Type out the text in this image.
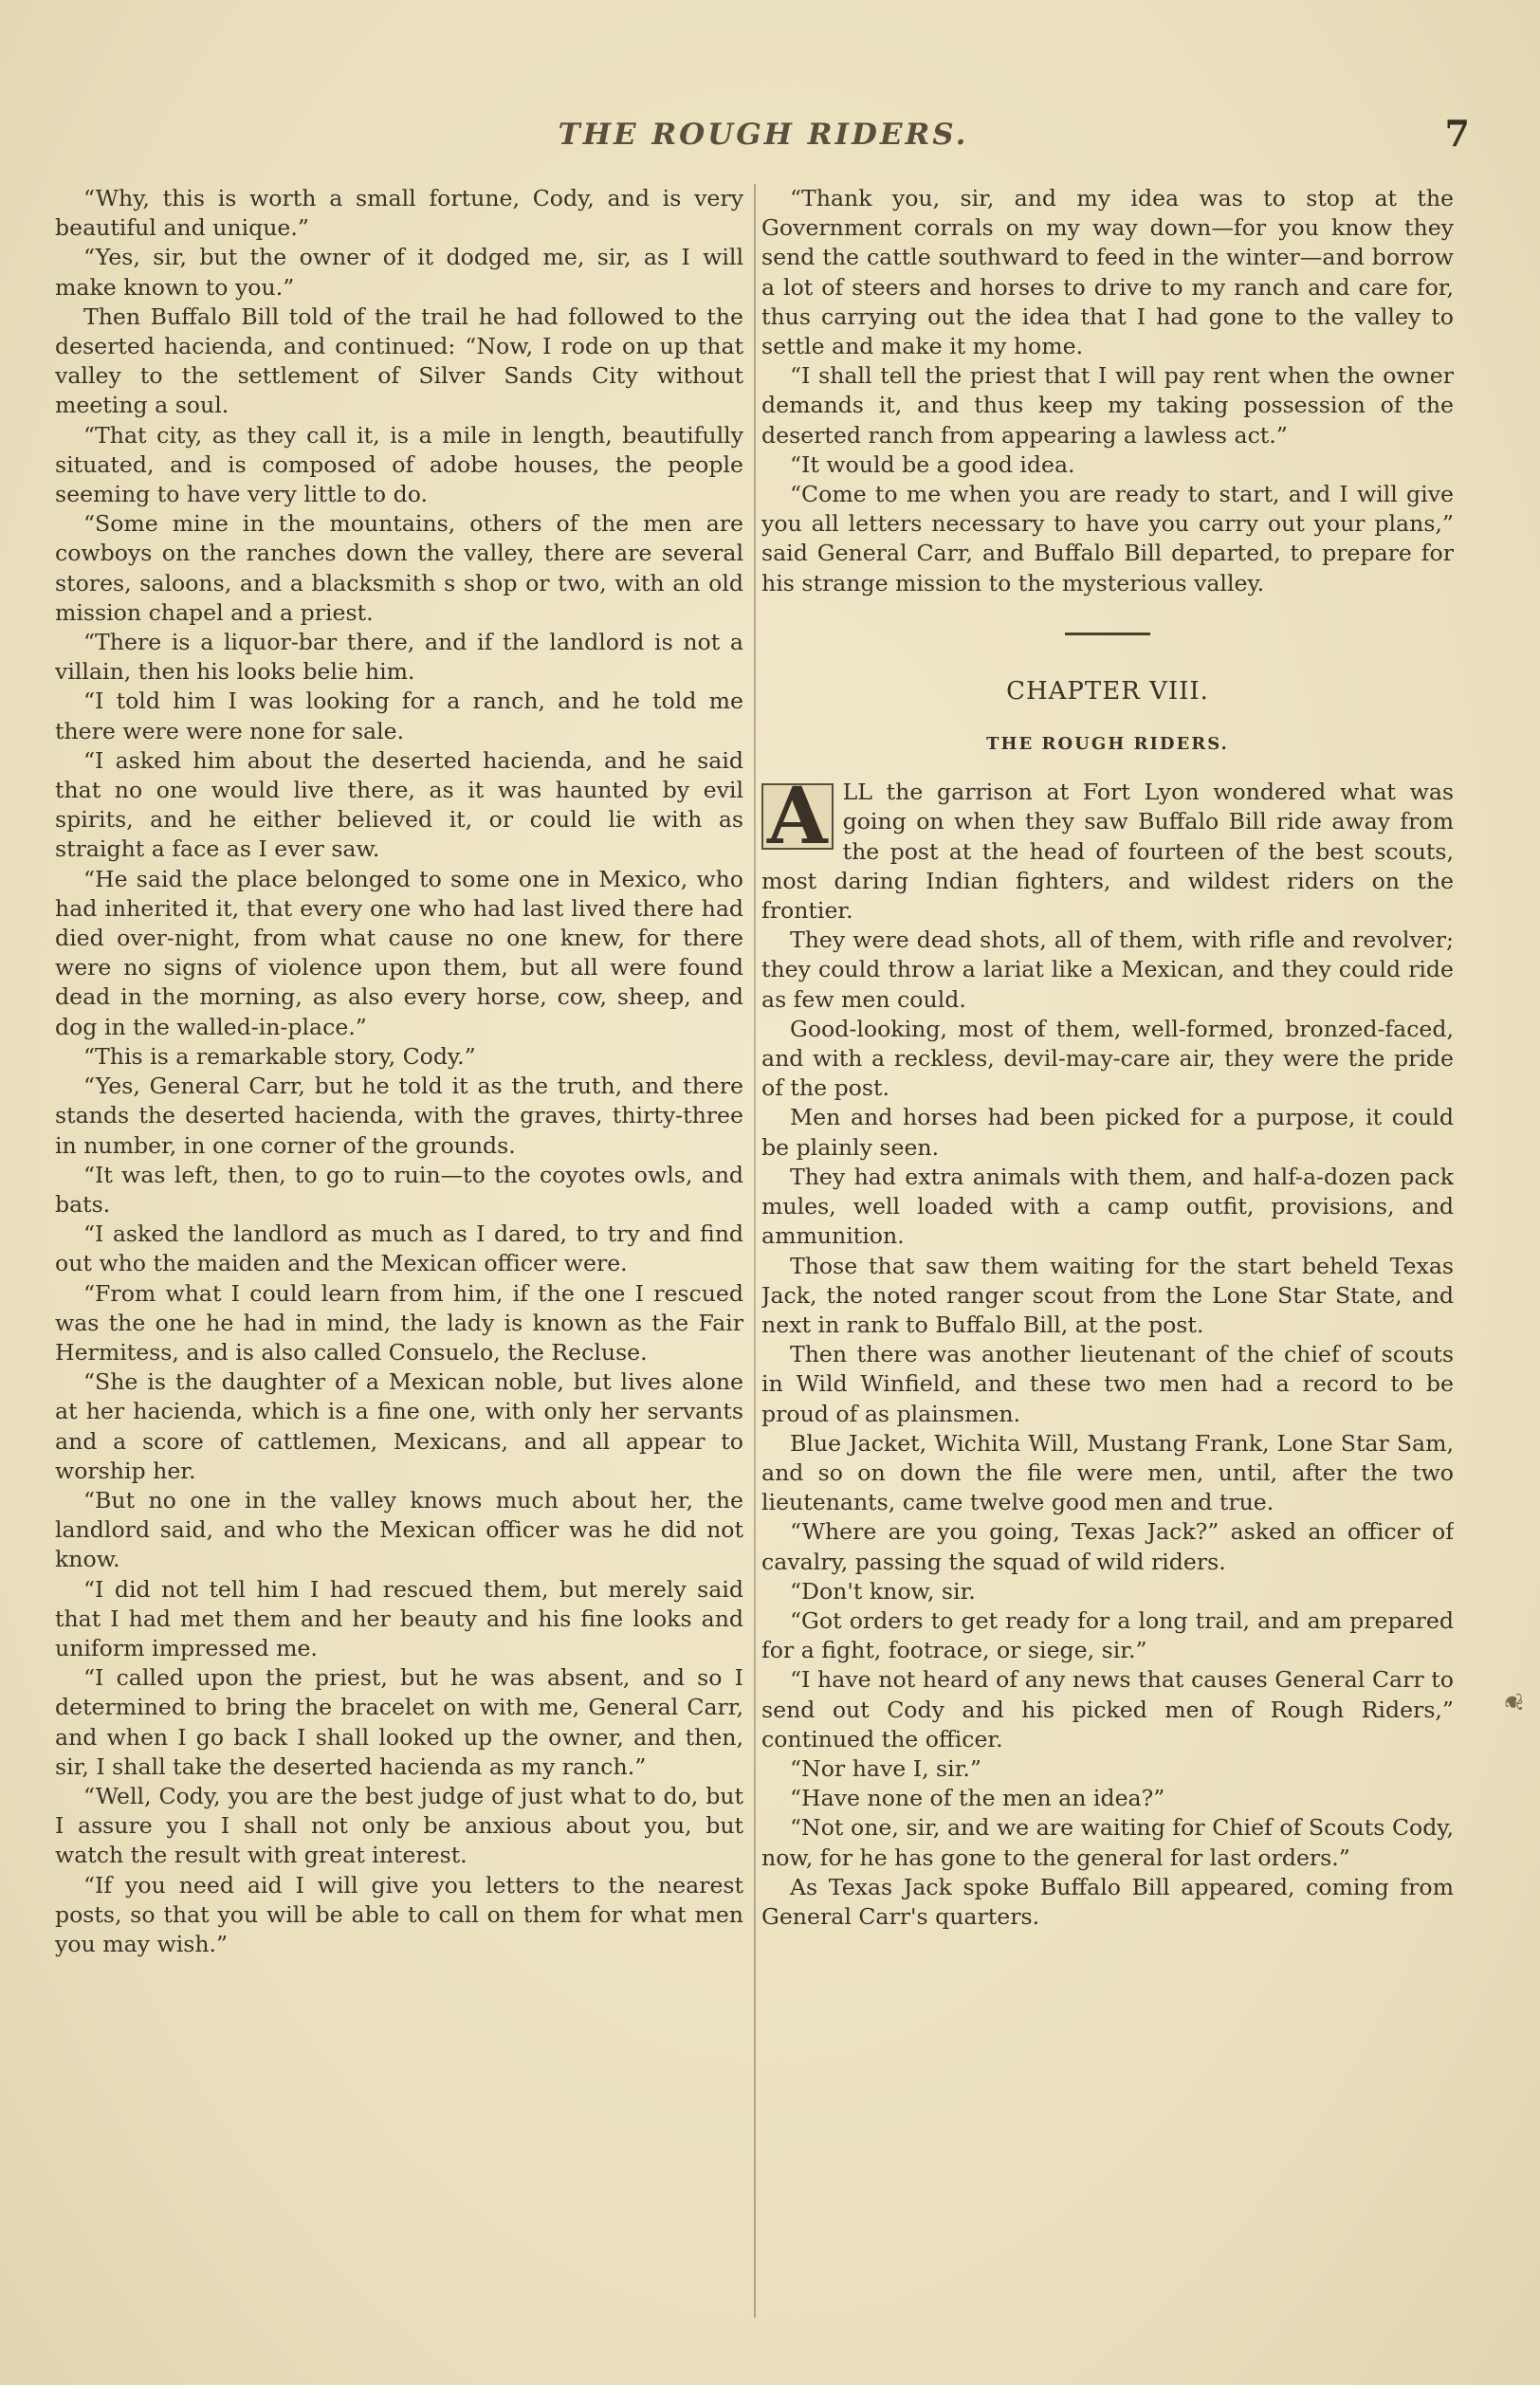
THE ROUGH RIDERS.	7

“Why, this is worth a small fortune, Cody, and is very beautiful and unique.”

“Yes, sir, but the owner of it dodged me, sir, as I will make known to you.”

Then Buffalo Bill told of the trail he had followed to the deserted hacienda, and continued: “Now, I rode on up that valley to the settlement of Silver Sands City without meeting a soul.

“That city, as they call it, is a mile in length, beautifully situated, and is composed of adobe houses, the people seeming to have very little to do.

“Some mine in the mountains, others of the men are cowboys on the ranches down the valley, there are several stores, saloons, and a blacksmith s shop or two, with an old mission chapel and a priest.

“There is a liquor-bar there, and if the landlord is not a villain, then his looks belie him.

“I told him I was looking for a ranch, and he told me there were were none for sale.

“I asked him about the deserted hacienda, and he said that no one would live there, as it was haunted by evil spirits, and he either believed it, or could lie with as straight a face as I ever saw.

“He said the place belonged to some one in Mexico, who had inherited it, that every one who had last lived there had died over-night, from what cause no one knew, for there were no signs of violence upon them, but all were found dead in the morning, as also every horse, cow, sheep, and dog in the walled-in-place.”

“This is a remarkable story, Cody.”

“Yes, General Carr, but he told it as the truth, and there stands the deserted hacienda, with the graves, thirty-three in number, in one corner of the grounds.

“It was left, then, to go to ruin—to the coyotes owls, and bats.

“I asked the landlord as much as I dared, to try and find out who the maiden and the Mexican officer were.

“From what I could learn from him, if the one I rescued was the one he had in mind, the lady is known as the Fair Hermitess, and is also called Consuelo, the Recluse.

“She is the daughter of a Mexican noble, but lives alone at her hacienda, which is a fine one, with only her servants and a score of cattlemen, Mexicans, and all appear to worship her.

“But no one in the valley knows much about her, the landlord said, and who the Mexican officer was he did not know.

“I did not tell him I had rescued them, but merely said that I had met them and her beauty and his fine looks and uniform impressed me.

“I called upon the priest, but he was absent, and so I determined to bring the bracelet on with me, General Carr, and when I go back I shall looked up the owner, and then, sir, I shall take the deserted hacienda as my ranch.”

“Well, Cody, you are the best judge of just what to do, but I assure you I shall not only be anxious about you, but watch the result with great interest.

“If you need aid I will give you letters to the nearest posts, so that you will be able to call on them for what men you may wish.”

“Thank you, sir, and my idea was to stop at the Government corrals on my way down—for you know they send the cattle southward to feed in the winter—and borrow a lot of steers and horses to drive to my ranch and care for, thus carrying out the idea that I had gone to the valley to settle and make it my home.

“I shall tell the priest that I will pay rent when the owner demands it, and thus keep my taking possession of the deserted ranch from appearing a lawless act.”

“It would be a good idea.

“Come to me when you are ready to start, and I will give you all letters necessary to have you carry out your plans,” said General Carr, and Buffalo Bill departed, to prepare for his strange mission to the mysterious valley.

CHAPTER VIII.
THE ROUGH RIDERS.

A LL the garrison at Fort Lyon wondered what was going on when they saw Buffalo Bill ride away from the post at the head of fourteen of the best scouts, most daring Indian fighters, and wildest riders on the frontier.

They were dead shots, all of them, with rifle and revolver; they could throw a lariat like a Mexican, and they could ride as few men could.

Good-looking, most of them, well-formed, bronzed-faced, and with a reckless, devil-may-care air, they were the pride of the post.

Men and horses had been picked for a purpose, it could be plainly seen.

They had extra animals with them, and half-a-dozen pack mules, well loaded with a camp outfit, provisions, and ammunition.

Those that saw them waiting for the start beheld Texas Jack, the noted ranger scout from the Lone Star State, and next in rank to Buffalo Bill, at the post.

Then there was another lieutenant of the chief of scouts in Wild Winfield, and these two men had a record to be proud of as plainsmen.

Blue Jacket, Wichita Will, Mustang Frank, Lone Star Sam, and so on down the file were men, until, after the two lieutenants, came twelve good men and true.

“Where are you going, Texas Jack?” asked an officer of cavalry, passing the squad of wild riders.

“Don't know, sir.

“Got orders to get ready for a long trail, and am prepared for a fight, footrace, or siege, sir.”

“I have not heard of any news that causes General Carr to send out Cody and his picked men of Rough Riders,” continued the officer.

“Nor have I, sir.”

“Have none of the men an idea?”

“Not one, sir, and we are waiting for Chief of Scouts Cody, now, for he has gone to the general for last orders.”

As Texas Jack spoke Buffalo Bill appeared, coming from General Carr's quarters.

❦
